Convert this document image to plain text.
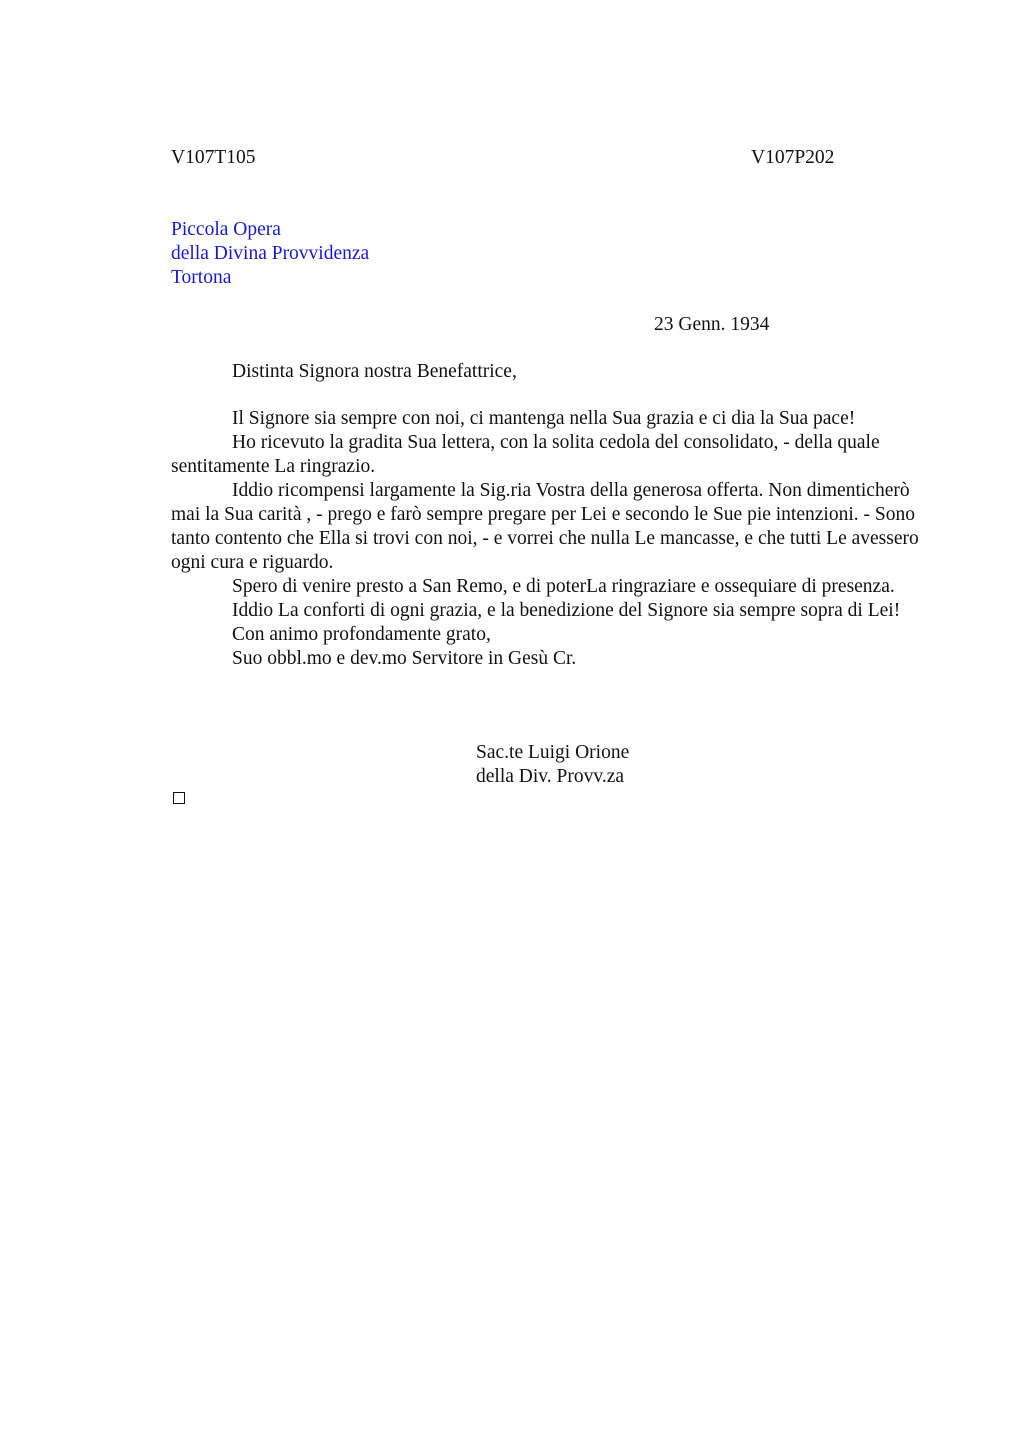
V107T105	V107P202
Piccola Opera
della Divina Provvidenza
Tortona
23 Genn. 1934
Distinta Signora nostra Benefattrice,

Il Signore sia sempre con noi, ci mantenga nella Sua grazia e ci dia la Sua pace!

Ho ricevuto la gradita Sua lettera, con la solita cedola del consolidato, - della quale sentitamente La ringrazio.

Iddio ricompensi largamente la Sig.ria Vostra della generosa offerta. Non dimenticherò mai la Sua carità , - prego e farò sempre pregare per Lei e secondo le Sue pie intenzioni. - Sono tanto contento che Ella si trovi con noi, - e vorrei che nulla Le mancasse, e che tutti Le avessero ogni cura e riguardo.

Spero di venire presto a San Remo, e di poterLa ringraziare e ossequiare di presenza.

Iddio La conforti di ogni grazia, e la benedizione del Signore sia sempre sopra di Lei!

Con animo profondamente grato,

Suo obbl.mo e dev.mo Servitore in Gesù Cr.

Sac.te Luigi Orione
della Div. Provv.za
